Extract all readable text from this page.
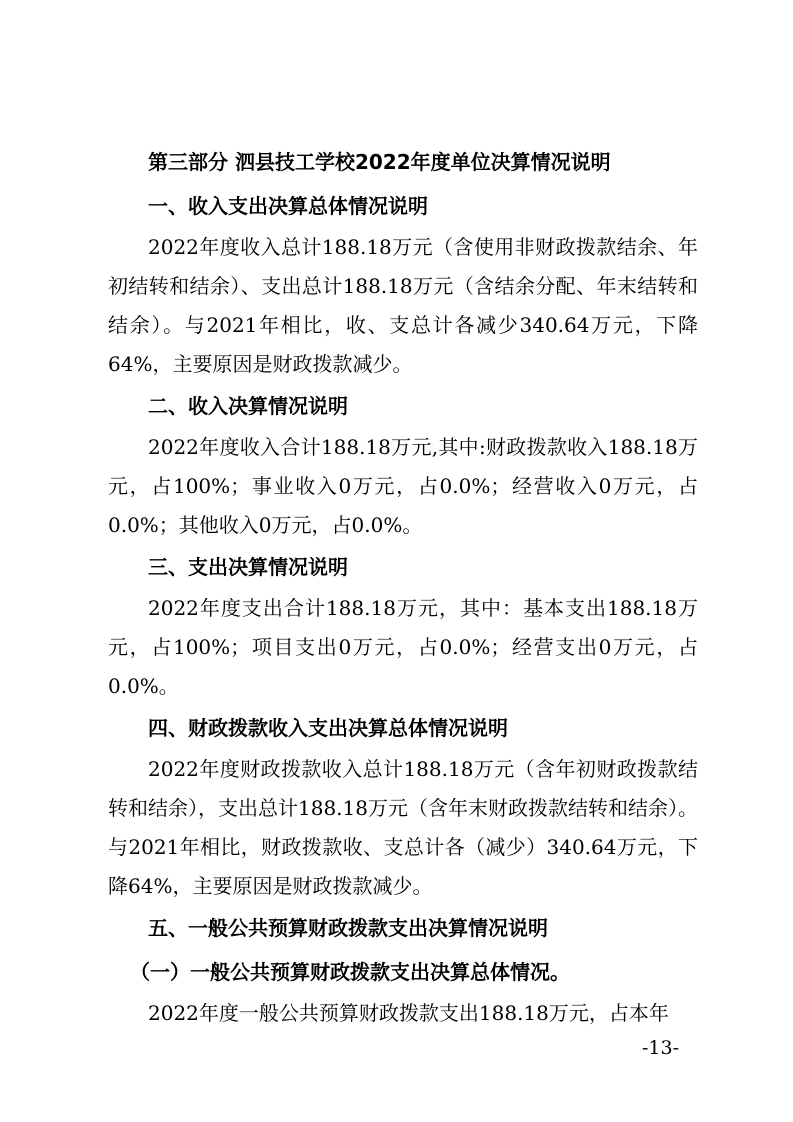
第三部分 泗县技工学校2022年度单位决算情况说明
一、收入支出决算总体情况说明

2022年度收入总计188.18万元（含使用非财政拨款结余、年初结转和结余）、支出总计188.18万元（含结余分配、年末结转和结余）。与2021年相比，收、支总计各减少340.64万元，下降64%，主要原因是财政拨款减少。

二、收入决算情况说明

2022年度收入合计188.18万元,其中:财政拨款收入188.18万元，占100%；事业收入0万元，占0.0%；经营收入0万元，占0.0%；其他收入0万元，占0.0%。

三、支出决算情况说明

2022年度支出合计188.18万元，其中：基本支出188.18万元，占100%；项目支出0万元，占0.0%；经营支出0万元，占0.0%。

四、财政拨款收入支出决算总体情况说明

2022年度财政拨款收入总计188.18万元（含年初财政拨款结转和结余），支出总计188.18万元（含年末财政拨款结转和结余）。与2021年相比，财政拨款收、支总计各（减少）340.64万元，下降64%，主要原因是财政拨款减少。

五、一般公共预算财政拨款支出决算情况说明
（一）一般公共预算财政拨款支出决算总体情况。

2022年度一般公共预算财政拨款支出188.18万元，占本年

-13-
